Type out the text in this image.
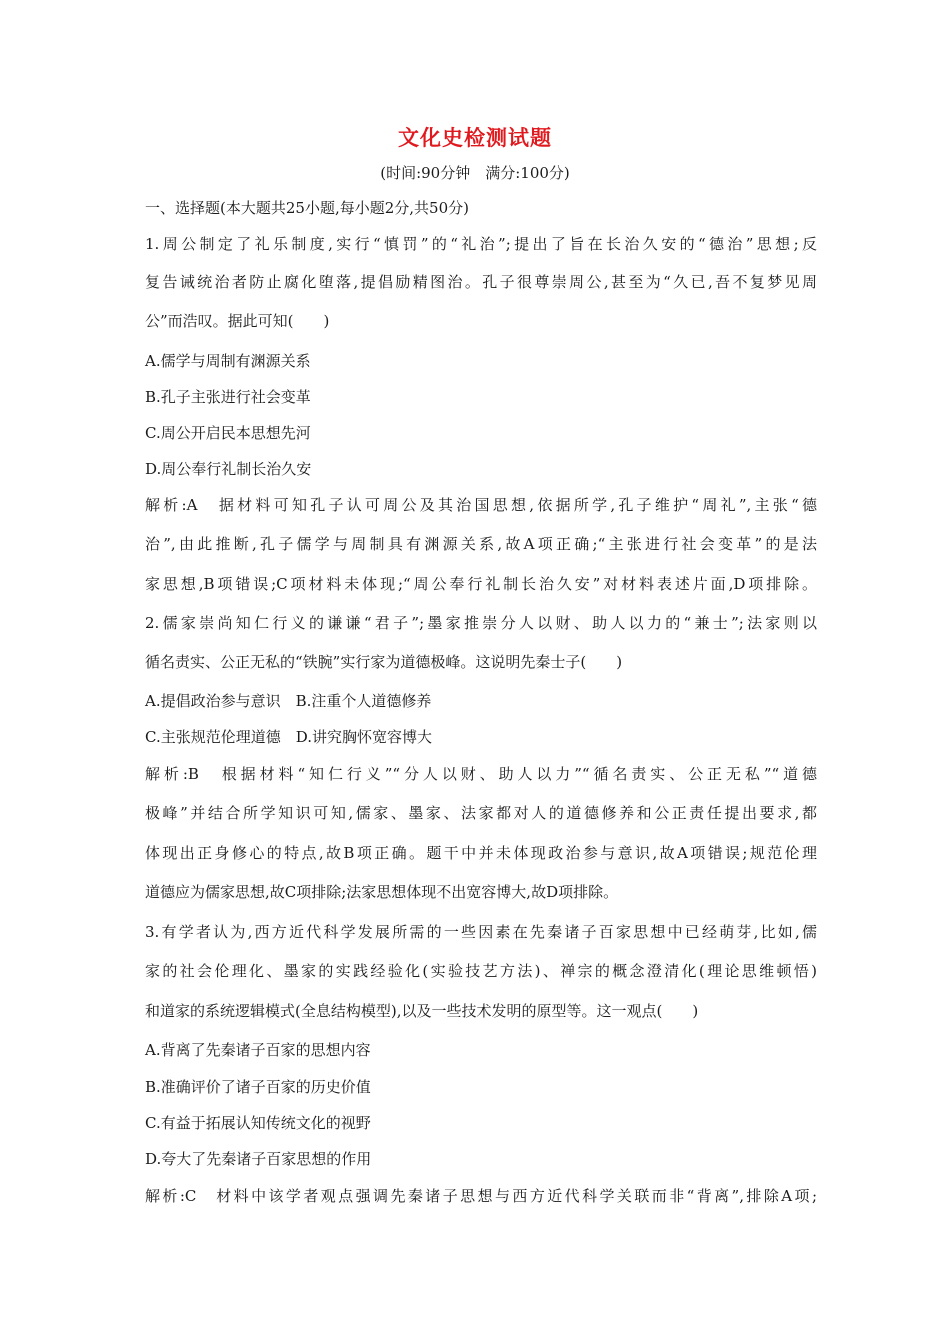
文化史检测试题
(时间:90分钟　满分:100分)
一、选择题(本大题共25小题,每小题2分,共50分)
1.周公制定了礼乐制度,实行“慎罚”的“礼治”;提出了旨在长治久安的“德治”思想;反
复告诫统治者防止腐化堕落,提倡励精图治。孔子很尊崇周公,甚至为“久已,吾不复梦见周
公”而浩叹。据此可知(　　)
A.儒学与周制有渊源关系
B.孔子主张进行社会变革
C.周公开启民本思想先河
D.周公奉行礼制长治久安
解析:A　据材料可知孔子认可周公及其治国思想,依据所学,孔子维护“周礼”,主张“德
治”,由此推断,孔子儒学与周制具有渊源关系,故A项正确;“主张进行社会变革”的是法
家思想,B项错误;C项材料未体现;“周公奉行礼制长治久安”对材料表述片面,D项排除。
2.儒家崇尚知仁行义的谦谦“君子”;墨家推崇分人以财、助人以力的“兼士”;法家则以
循名责实、公正无私的“铁腕”实行家为道德极峰。这说明先秦士子(　　)
A.提倡政治参与意识　B.注重个人道德修养
C.主张规范伦理道德　D.讲究胸怀宽容博大
解析:B　根据材料“知仁行义”“分人以财、助人以力”“循名责实、公正无私”“道德
极峰”并结合所学知识可知,儒家、墨家、法家都对人的道德修养和公正责任提出要求,都
体现出正身修心的特点,故B项正确。题干中并未体现政治参与意识,故A项错误;规范伦理
道德应为儒家思想,故C项排除;法家思想体现不出宽容博大,故D项排除。
3.有学者认为,西方近代科学发展所需的一些因素在先秦诸子百家思想中已经萌芽,比如,儒
家的社会伦理化、墨家的实践经验化(实验技艺方法)、禅宗的概念澄清化(理论思维顿悟)
和道家的系统逻辑模式(全息结构模型),以及一些技术发明的原型等。这一观点(　　)
A.背离了先秦诸子百家的思想内容
B.准确评价了诸子百家的历史价值
C.有益于拓展认知传统文化的视野
D.夸大了先秦诸子百家思想的作用
解析:C　材料中该学者观点强调先秦诸子思想与西方近代科学关联而非“背离”,排除A项;
